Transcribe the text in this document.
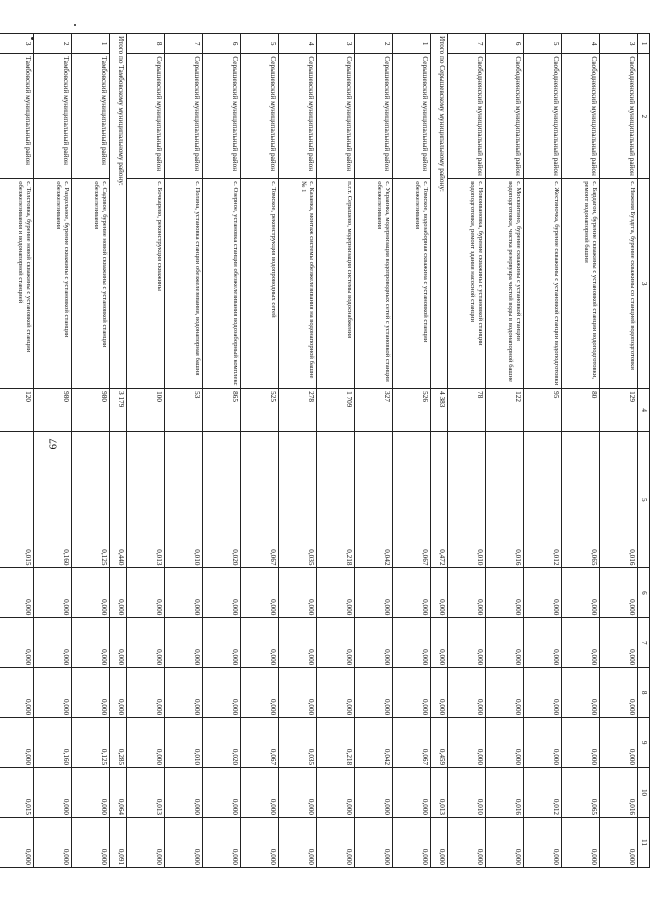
67
1	2	3	4	5	6	7	8	9	10	11
3	Свободненский муниципальный район	с. Нижняя Буздгга, бурение скважины со станцией водоподготовки	129	0,016	0,000	0,000	0,000	0,000	0,016	0,000
4	Свободненский муниципальный район	с. Бардагон, бурение скважины с установкой станции водоподготовки, ремонт водонапорной башни	80	0,065	0,000	0,000	0,000	0,000	0,065	0,000
5	Свободненский муниципальный район	с. Жестяночка, бурение скважины с установкой станции водоподготовки	95	0,012	0,000	0,000	0,000	0,000	0,012	0,000
6	Свободненский муниципальный район	с. Москвитино, бурение скважины с установкой станции водоподготовки, чистка резервуара чистой воды в водонапорной башне	122	0,016	0,000	0,000	0,000	0,000	0,016	0,000
7	Свободненский муниципальный район	с. Новоивановка, бурение скважины с установкой станции водоподготовки, ремонт здания насосной станции	78	0,010	0,000	0,000	0,000	0,000	0,010	0,000
Итого по Серышевскому муниципальному району:			4 383	0,472	0,000	0,000	0,000	0,459	0,013	0,000
1	Серышевский муниципальный район	с. Томское, водозаборная скважина с установкой станции обезжелезивания	526	0,067	0,000	0,000	0,000	0,067	0,000	0,000
2	Серышевский муниципальный район	с. Украинка, модернизация водопроводных сетей с установкой станции обезжелезивания	327	0,042	0,000	0,000	0,000	0,042	0,000	0,000
3	Серышевский муниципальный район	п.г.т. Серышево, модернизация системы водоснабжения	1 709	0,218	0,000	0,000	0,000	0,218	0,000	0,000
4	Серышевский муниципальный район	с. Казанка, монтаж системы обезжелезивания на водонапорной башне № 1	278	0,035	0,000	0,000	0,000	0,035	0,000	0,000
5	Серышевский муниципальный район	с. Томское, реконструкция водопроводных сетей	525	0,067	0,000	0,000	0,000	0,067	0,000	0,000
6	Серышевский муниципальный район	с. Озерное, установка станции обезжелезивания водозаборный комплекс	865	0,020	0,000	0,000	0,000	0,020	0,000	0,000
7	Серышевский муниципальный район	с. Поляна, установка станции обезжелезивания, водонапорная башня	53	0,010	0,000	0,000	0,000	0,010	0,000	0,000
8	Серышевский муниципальный район	с. Бочкарево, реконструкция скважины	100	0,013	0,000	0,000	0,000	0,000	0,013	0,000
Итого по Тамбовскому муниципальному району:			3 179	0,440	0,000	0,000	0,000	0,285	0,064	0,091
1	Тамбовский муниципальный район	с. Садовое, бурение новой скважины с установкой станции обезжелезивания	980	0,125	0,000	0,000	0,000	0,125	0,000	0,000
2	Тамбовский муниципальный район	с. Раздольное, бурение скважины с установкой станции обезжелезивания	980	0,160	0,000	0,000	0,000	0,160	0,000	0,000
3	Тамбовский муниципальный район	с. Толстовка, бурение новой скважины с установкой станции обезжелезивания и водонапорной станцией	120	0,015	0,000	0,000	0,000	0,000	0,015	0,000
